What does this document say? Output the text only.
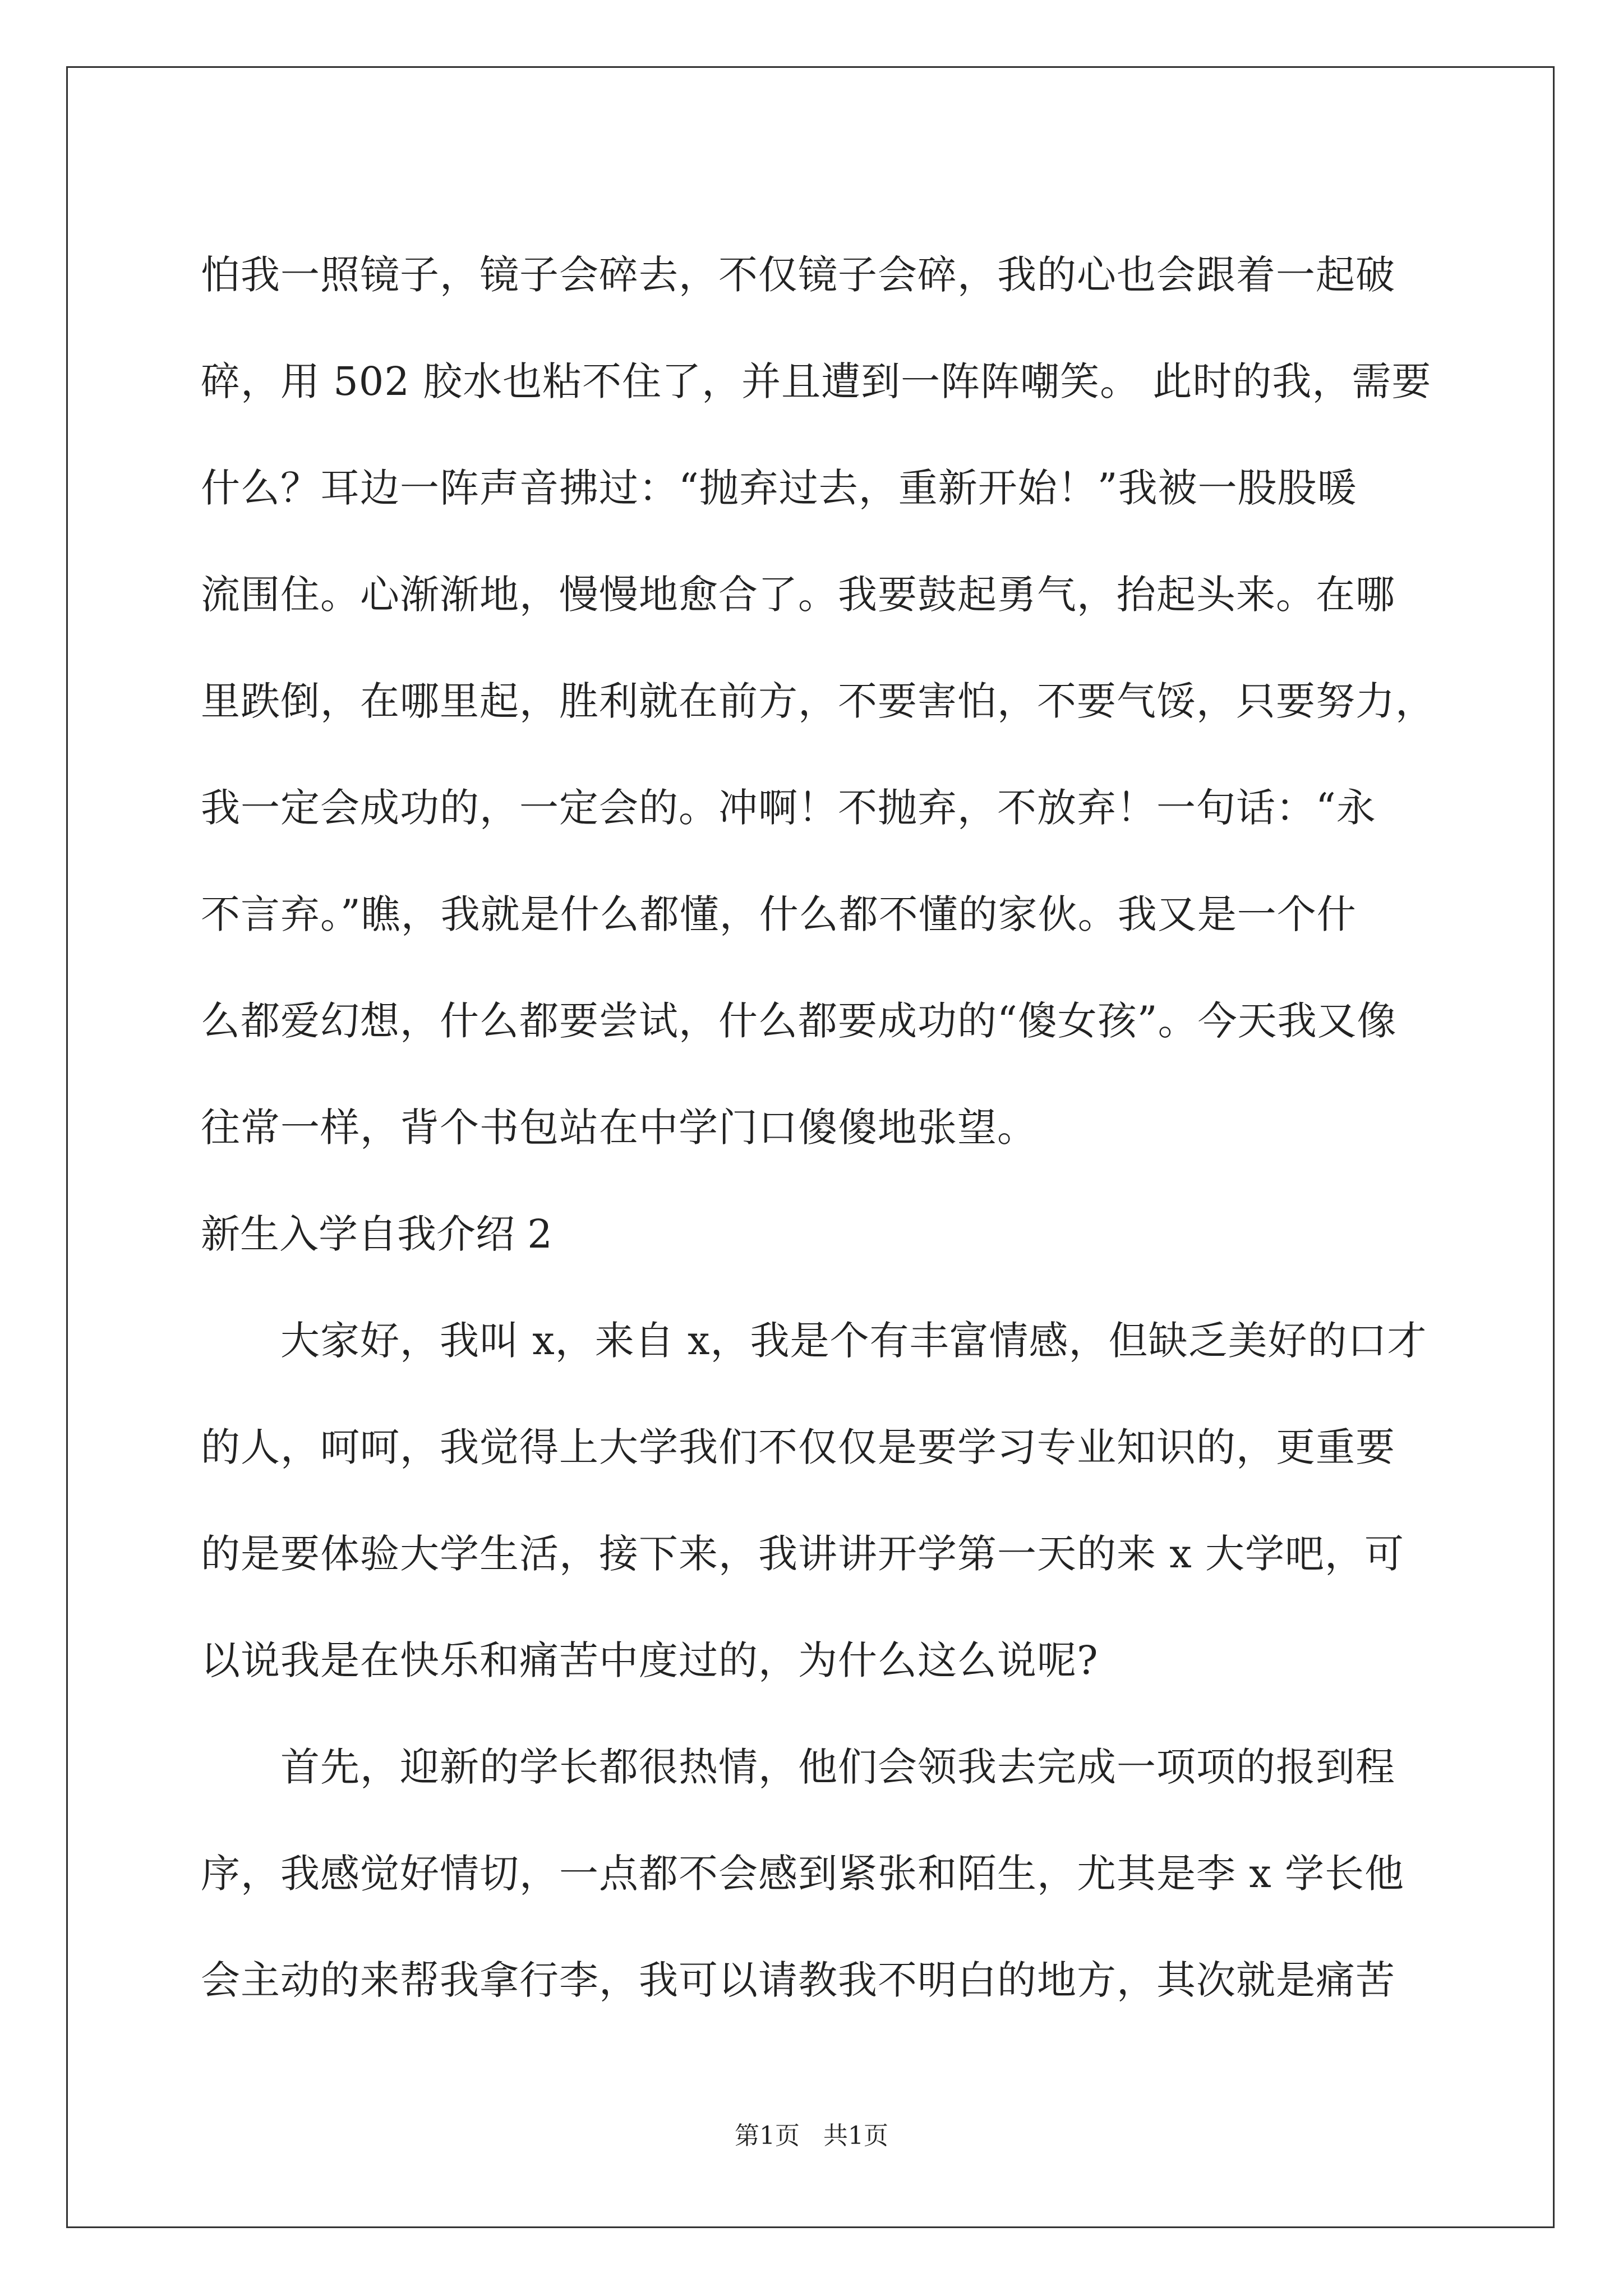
怕我一照镜子，镜子会碎去，不仅镜子会碎，我的心也会跟着一起破
碎，用 502 胶水也粘不住了，并且遭到一阵阵嘲笑。 此时的我，需要
什么？耳边一阵声音拂过：“抛弃过去，重新开始！”我被一股股暖
流围住。心渐渐地，慢慢地愈合了。我要鼓起勇气，抬起头来。在哪
里跌倒，在哪里起，胜利就在前方，不要害怕，不要气馁，只要努力，
我一定会成功的，一定会的。冲啊！不抛弃，不放弃！一句话：“永
不言弃。”瞧，我就是什么都懂，什么都不懂的家伙。我又是一个什
么都爱幻想，什么都要尝试，什么都要成功的“傻女孩”。今天我又像
往常一样，背个书包站在中学门口傻傻地张望。
新生入学自我介绍 2
大家好，我叫 x，来自 x，我是个有丰富情感，但缺乏美好的口才
的人，呵呵，我觉得上大学我们不仅仅是要学习专业知识的，更重要
的是要体验大学生活，接下来，我讲讲开学第一天的来 x 大学吧，可
以说我是在快乐和痛苦中度过的，为什么这么说呢?
首先，迎新的学长都很热情，他们会领我去完成一项项的报到程
序，我感觉好情切，一点都不会感到紧张和陌生，尤其是李 x 学长他
会主动的来帮我拿行李，我可以请教我不明白的地方，其次就是痛苦
第1页   共1页
